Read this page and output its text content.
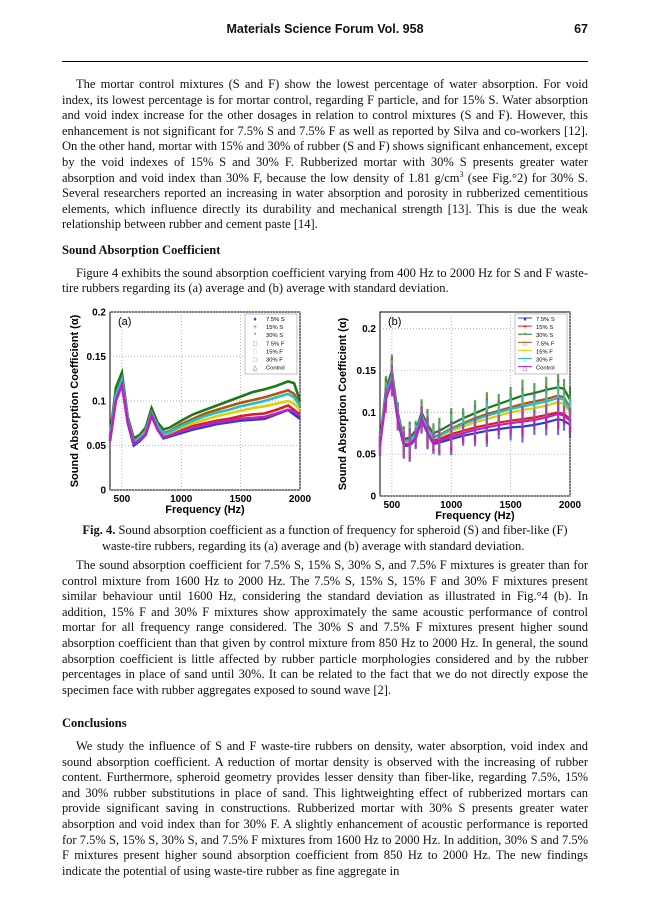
Materials Science Forum Vol. 958	67

The mortar control mixtures (S and F) show the lowest percentage of water absorption. For void index, its lowest percentage is for mortar control, regarding F particle, and for 15% S. Water absorption and void index increase for the other dosages in relation to control mixtures (S and F). However, this enhancement is not significant for 7.5% S and 7.5% F as well as reported by Silva and co-workers [12]. On the other hand, mortar with 15% and 30% of rubber (S and F) shows significant enhancement, except by the void indexes of 15% S and 30% F. Rubberized mortar with 30% S presents greater water absorption and void index than 30% F, because the low density of 1.81 $g/cm^3$ (see Fig.°2) for 30% S. Several researchers reported an increasing in water absorption and porosity in rubberized cementitious elements, which influence directly its durability and mechanical strength [13]. This is due the weak relationship between rubber and cement paste [14].

Sound Absorption Coefficient

Figure 4 exhibits the sound absorption coefficient varying from 400 Hz to 2000 Hz for S and F waste-tire rubbers regarding its (a) average and (b) average with standard deviation.

500	1000	1500	2000
0
0.05
0.1
0.15
0.2
Frequency (Hz)
Sound Absorption Coefficient (α)	(a)	♦ 7.5% S
+ 15% S
* 30% S
□ 7.5% F
□ 15% F
□ 30% F
△ Control
500	1000	1500	2000
0
0.05
0.1
0.15
0.2
Frequency (Hz)
Sound Absorption Coefficient (α)	(b)	♦ 7.5% S
+ 15% S
* 30% S
□ 7.5% F
□ 15% F
□ 30% F
△ Control
Fig. 4. Sound absorption coefficient as a function of frequency for spheroid (S) and fiber-like (F)
waste-tire rubbers, regarding its (a) average and (b) average with standard deviation.

The sound absorption coefficient for 7.5% S, 15% S, 30% S, and 7.5% F mixtures is greater than for control mixture from 1600 Hz to 2000 Hz. The 7.5% S, 15% S, 15% F and 30% F mixtures present similar behaviour until 1600 Hz, considering the standard deviation as illustrated in Fig.°4 (b). In addition, 15% F and 30% F mixtures show approximately the same acoustic performance of control mortar for all frequency range considered. The 30% S and 7.5% F mixtures present higher sound absorption coefficient than that given by control mixture from 850 Hz to 2000 Hz. In general, the sound absorption coefficient is little affected by rubber particle morphologies considered and by the rubber percentages in place of sand until 30%. It can be related to the fact that we do not directly expose the specimen face with rubber aggregates exposed to sound wave [2].

Conclusions

We study the influence of S and F waste-tire rubbers on density, water absorption, void index and sound absorption coefficient. A reduction of mortar density is observed with the increasing of rubber content. Furthermore, spheroid geometry provides lesser density than fiber-like, regarding 7.5%, 15% and 30% rubber substitutions in place of sand. This lightweighting effect of rubberized mortars can provide significant saving in constructions. Rubberized mortar with 30% S presents greater water absorption and void index than for 30% F. A slightly enhancement of acoustic performance is reported for 7.5% S, 15% S, 30% S, and 7.5% F mixtures from 1600 Hz to 2000 Hz. In addition, 30% S and 7.5% F mixtures present higher sound absorption coefficient from 850 Hz to 2000 Hz. The new findings indicate the potential of using waste-tire rubber as fine aggregate in
